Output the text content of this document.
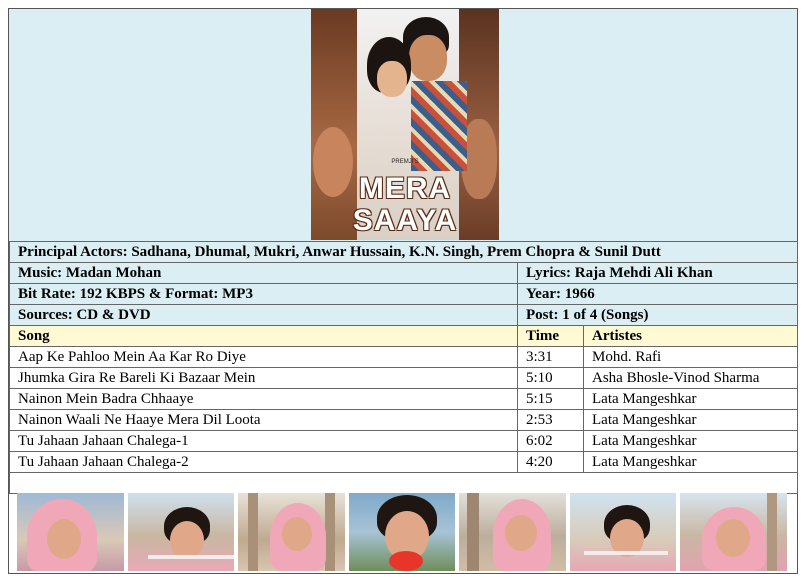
PREMJI'S
MERA
SAAYA
Principal Actors: Sadhana, Dhumal, Mukri, Anwar Hussain, K.N. Singh, Prem Chopra & Sunil Dutt		
Music: Madan Mohan	Lyrics: Raja Mehdi Ali Khan	
Bit Rate: 192 KBPS & Format: MP3	Year: 1966	
Sources: CD & DVD	Post: 1 of 4 (Songs)	
Song	Time	Artistes
Aap Ke Pahloo Mein Aa Kar Ro Diye	3:31	Mohd. Rafi
Jhumka Gira Re Bareli Ki Bazaar Mein	5:10	Asha Bhosle-Vinod Sharma
Nainon Mein Badra Chhaaye	5:15	Lata Mangeshkar
Nainon Waali Ne Haaye Mera Dil Loota	2:53	Lata Mangeshkar
Tu Jahaan Jahaan Chalega-1	6:02	Lata Mangeshkar
Tu Jahaan Jahaan Chalega-2	4:20	Lata Mangeshkar
